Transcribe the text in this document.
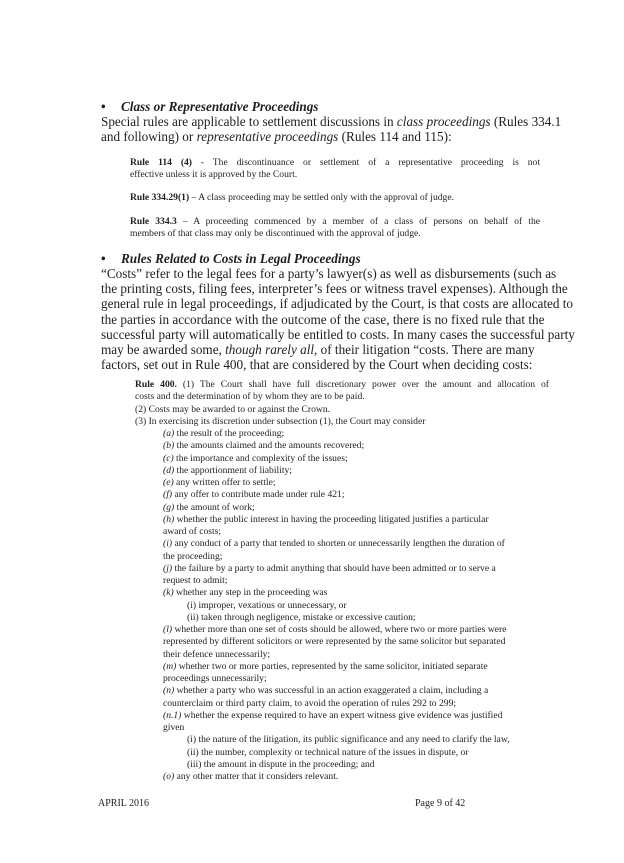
• Class or Representative Proceedings

Special rules are applicable to settlement discussions in class proceedings (Rules 334.1
and following) or representative proceedings (Rules 114 and 115):

Rule 114 (4) - The discontinuance or settlement of a representative proceeding is not
effective unless it is approved by the Court.
Rule 334.29(1) – A class proceeding may be settled only with the approval of judge.
Rule 334.3 – A proceeding commenced by a member of a class of persons on behalf of the
members of that class may only be discontinued with the approval of judge.
• Rules Related to Costs in Legal Proceedings

“Costs” refer to the legal fees for a party’s lawyer(s) as well as disbursements (such as
the printing costs, filing fees, interpreter’s fees or witness travel expenses). Although the
general rule in legal proceedings, if adjudicated by the Court, is that costs are allocated to
the parties in accordance with the outcome of the case, there is no fixed rule that the
successful party will automatically be entitled to costs. In many cases the successful party
may be awarded some, though rarely all, of their litigation “costs. There are many
factors, set out in Rule 400, that are considered by the Court when deciding costs:

Rule 400. (1) The Court shall have full discretionary power over the amount and allocation of
costs and the determination of by whom they are to be paid.
(2) Costs may be awarded to or against the Crown.
(3) In exercising its discretion under subsection (1), the Court may consider
(a) the result of the proceeding;
(b) the amounts claimed and the amounts recovered;
(c) the importance and complexity of the issues;
(d) the apportionment of liability;
(e) any written offer to settle;
(f) any offer to contribute made under rule 421;
(g) the amount of work;
(h) whether the public interest in having the proceeding litigated justifies a particular
award of costs;
(i) any conduct of a party that tended to shorten or unnecessarily lengthen the duration of
the proceeding;
(j) the failure by a party to admit anything that should have been admitted or to serve a
request to admit;
(k) whether any step in the proceeding was
(i) improper, vexatious or unnecessary, or
(ii) taken through negligence, mistake or excessive caution;
(l) whether more than one set of costs should be allowed, where two or more parties were
represented by different solicitors or were represented by the same solicitor but separated
their defence unnecessarily;
(m) whether two or more parties, represented by the same solicitor, initiated separate
proceedings unnecessarily;
(n) whether a party who was successful in an action exaggerated a claim, including a
counterclaim or third party claim, to avoid the operation of rules 292 to 299;
(n.1) whether the expense required to have an expert witness give evidence was justified
given
(i) the nature of the litigation, its public significance and any need to clarify the law,
(ii) the number, complexity or technical nature of the issues in dispute, or
(iii) the amount in dispute in the proceeding; and
(o) any other matter that it considers relevant.
APRIL 2016	Page 9 of 42
